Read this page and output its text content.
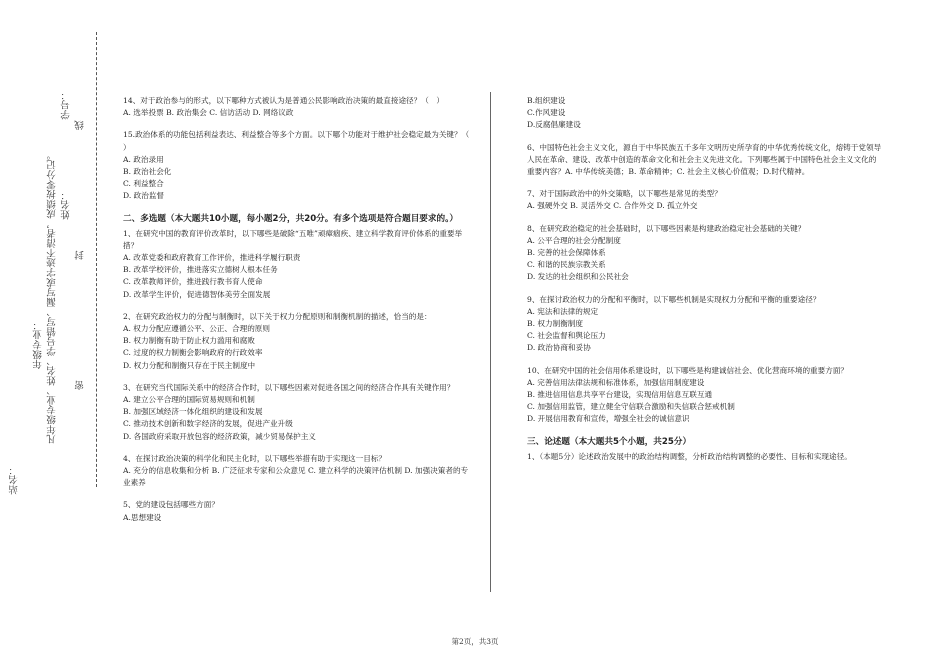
站名：
年级专业：
姓名：
学号：
凡年级专业、姓名、学号错写、漏写或字迹不清者，成绩按零分记。 密
封
线

14、对于政治参与的形式，以下哪种方式被认为是普通公民影响政治决策的最直接途径？（　）

A. 选举投票 B. 政治集会 C. 信访活动 D. 网络议政

15.政治体系的功能包括利益表达、利益整合等多个方面。以下哪个功能对于维护社会稳定最为关键？（ ）

A. 政治录用

B. 政治社会化

C. 利益整合

D. 政治监督

二、多选题（本大题共10小题，每小题2分，共20分。有多个选项是符合题目要求的。）

1、在研究中国的教育评价改革时，以下哪些是破除“五唯”顽瘴痼疾、建立科学教育评价体系的重要举措？

A. 改革党委和政府教育工作评价，推进科学履行职责

B. 改革学校评价，推进落实立德树人根本任务

C. 改革教师评价，推进践行教书育人使命

D. 改革学生评价，促进德智体美劳全面发展

2、在研究政治权力的分配与制衡时，以下关于权力分配原则和制衡机制的描述，恰当的是：

A. 权力分配应遵循公平、公正、合理的原则

B. 权力制衡有助于防止权力滥用和腐败

C. 过度的权力制衡会影响政府的行政效率

D. 权力分配和制衡只存在于民主制度中

3、在研究当代国际关系中的经济合作时，以下哪些因素对促进各国之间的经济合作具有关键作用？

A. 建立公平合理的国际贸易规则和机制

B. 加强区域经济一体化组织的建设和发展

C. 推动技术创新和数字经济的发展，促进产业升级

D. 各国政府采取开放包容的经济政策，减少贸易保护主义

4、在探讨政治决策的科学化和民主化时，以下哪些举措有助于实现这一目标？

A. 充分的信息收集和分析 B. 广泛征求专家和公众意见 C. 建立科学的决策评估机制 D. 加强决策者的专业素养

5、党的建设包括哪些方面？

A.思想建设

B.组织建设

C.作风建设

D.反腐倡廉建设

6、中国特色社会主义文化，源自于中华民族五千多年文明历史所孕育的中华优秀传统文化，熔铸于党领导人民在革命、建设、改革中创造的革命文化和社会主义先进文化。下列哪些属于中国特色社会主义文化的重要内容？A. 中华传统美德；B. 革命精神；C. 社会主义核心价值观；D.时代精神。

7、对于国际政治中的外交策略，以下哪些是常见的类型？

A. 强硬外交 B. 灵活外交 C. 合作外交 D. 孤立外交

8、在研究政治稳定的社会基础时，以下哪些因素是构建政治稳定社会基础的关键？

A. 公平合理的社会分配制度

B. 完善的社会保障体系

C. 和谐的民族宗教关系

D. 发达的社会组织和公民社会

9、在探讨政治权力的分配和平衡时，以下哪些机制是实现权力分配和平衡的重要途径？

A. 宪法和法律的规定

B. 权力制衡制度

C. 社会监督和舆论压力

D. 政治协商和妥协

10、在研究中国的社会信用体系建设时，以下哪些是构建诚信社会、优化营商环境的重要方面？

A. 完善信用法律法规和标准体系，加强信用制度建设

B. 推进信用信息共享平台建设，实现信用信息互联互通

C. 加强信用监管，建立健全守信联合激励和失信联合惩戒机制

D. 开展信用教育和宣传，增强全社会的诚信意识

三、论述题（本大题共5个小题，共25分）

1、（本题5分）论述政治发展中的政治结构调整，分析政治结构调整的必要性、目标和实现途径。

第2页，共3页
